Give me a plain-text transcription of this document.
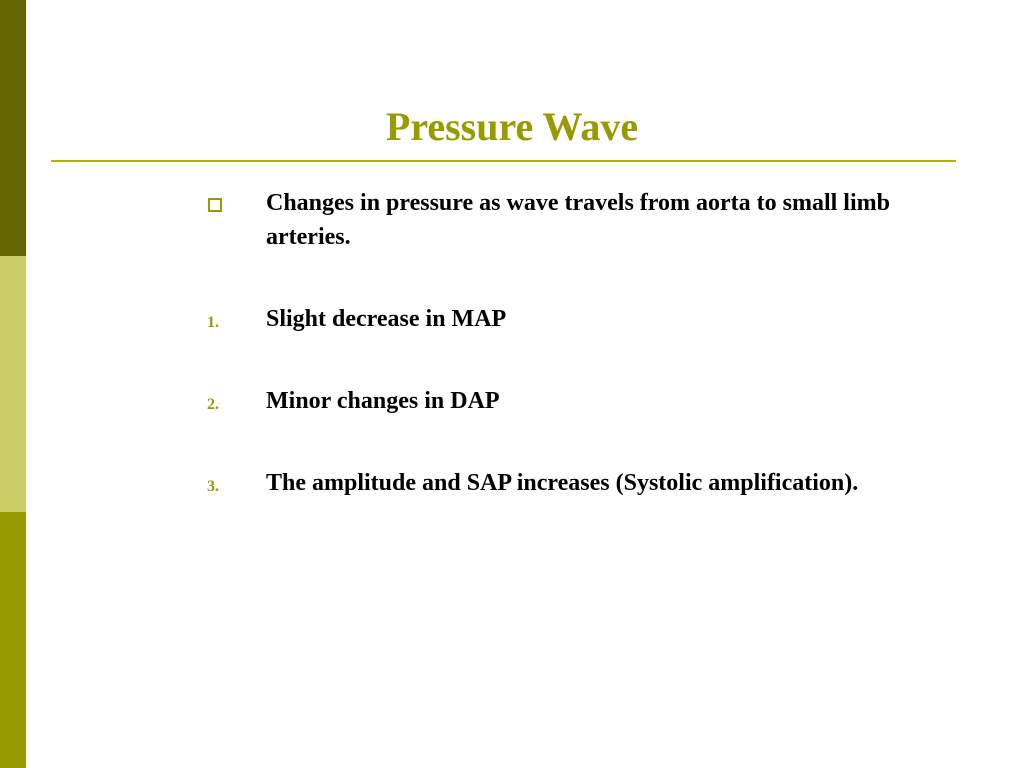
Pressure Wave
Changes in pressure as wave travels from aorta to small limb arteries.
1. Slight decrease in MAP
2. Minor changes in DAP
3. The amplitude and SAP increases (Systolic amplification).
